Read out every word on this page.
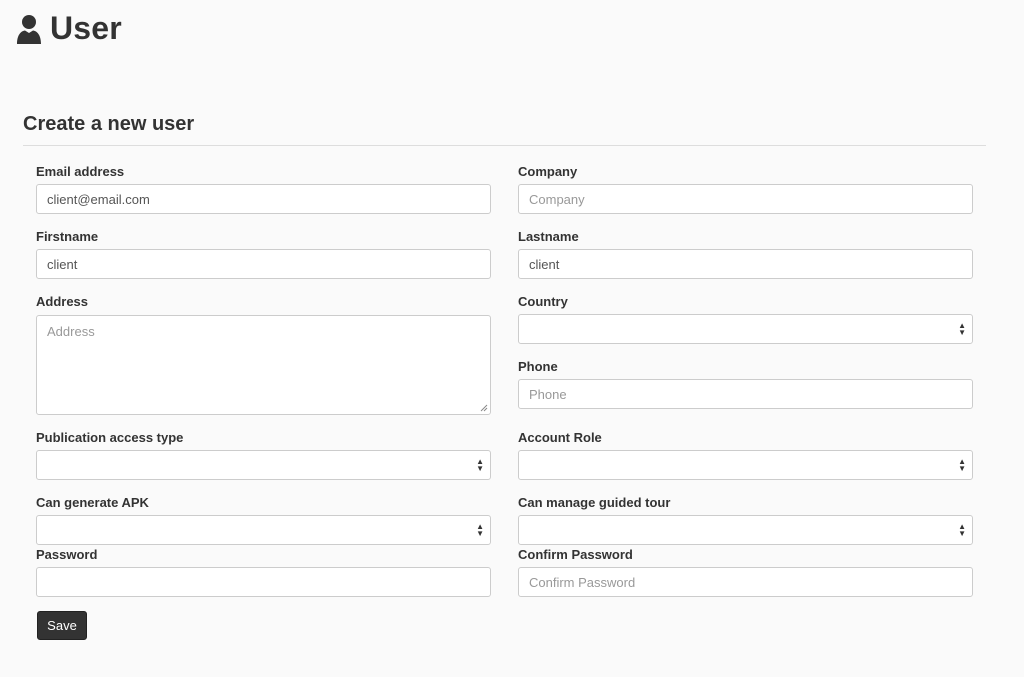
User
Create a new user
Email address
client@email.com
Firstname
client
Address
Address
Publication access type
▲
▼
Can generate APK
▲
▼
Password
Company
Company
Lastname
client
Country
▲
▼
Phone
Phone
Account Role
▲
▼
Can manage guided tour
▲
▼
Confirm Password
Confirm Password
Save
